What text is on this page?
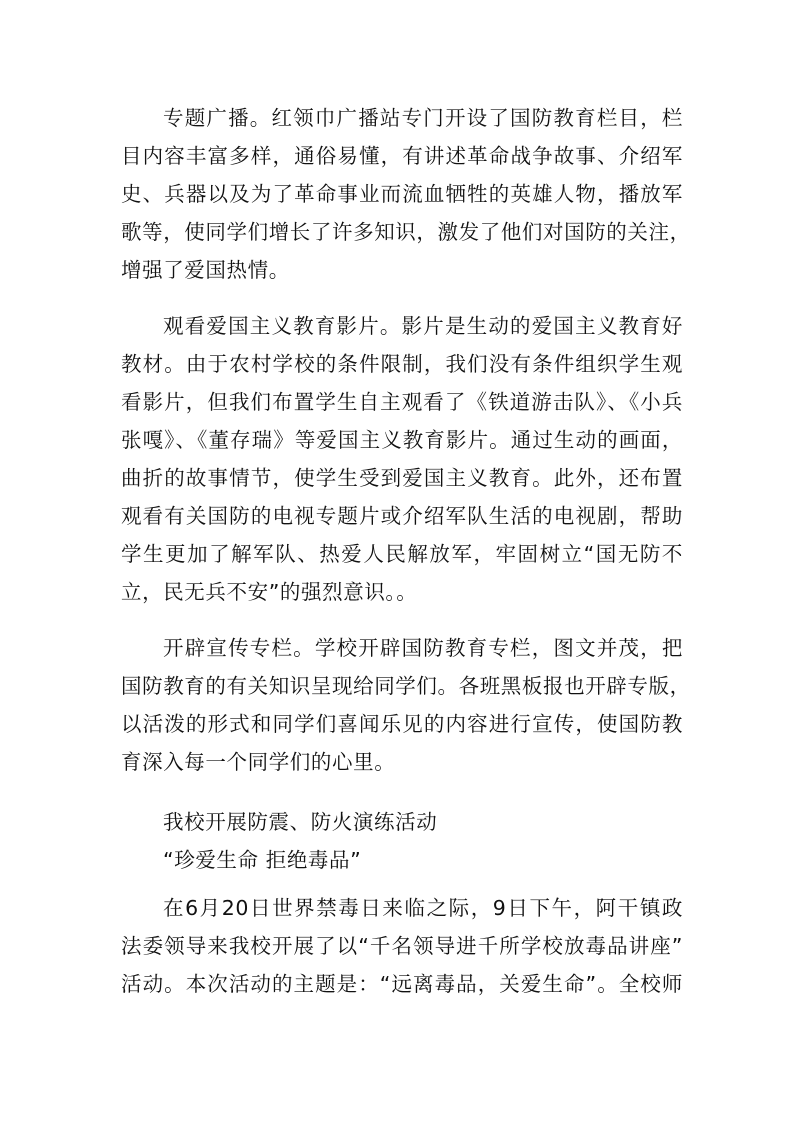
专题广播。红领巾广播站专门开设了国防教育栏目，栏
目内容丰富多样，通俗易懂，有讲述革命战争故事、介绍军
史、兵器以及为了革命事业而流血牺牲的英雄人物，播放军
歌等，使同学们增长了许多知识，激发了他们对国防的关注，
增强了爱国热情。
观看爱国主义教育影片。影片是生动的爱国主义教育好
教材。由于农村学校的条件限制，我们没有条件组织学生观
看影片，但我们布置学生自主观看了《铁道游击队》、《小兵
张嘎》、《董存瑞》等爱国主义教育影片。通过生动的画面，
曲折的故事情节，使学生受到爱国主义教育。此外，还布置
观看有关国防的电视专题片或介绍军队生活的电视剧，帮助
学生更加了解军队、热爱人民解放军，牢固树立“国无防不
立，民无兵不安”的强烈意识。。
开辟宣传专栏。学校开辟国防教育专栏，图文并茂，把
国防教育的有关知识呈现给同学们。各班黑板报也开辟专版，
以活泼的形式和同学们喜闻乐见的内容进行宣传，使国防教
育深入每一个同学们的心里。
我校开展防震、防火演练活动
“珍爱生命 拒绝毒品”
在6月20日世界禁毒日来临之际，9日下午，阿干镇政
法委领导来我校开展了以“千名领导进千所学校放毒品讲座”
活动。本次活动的主题是：“远离毒品，关爱生命”。全校师
